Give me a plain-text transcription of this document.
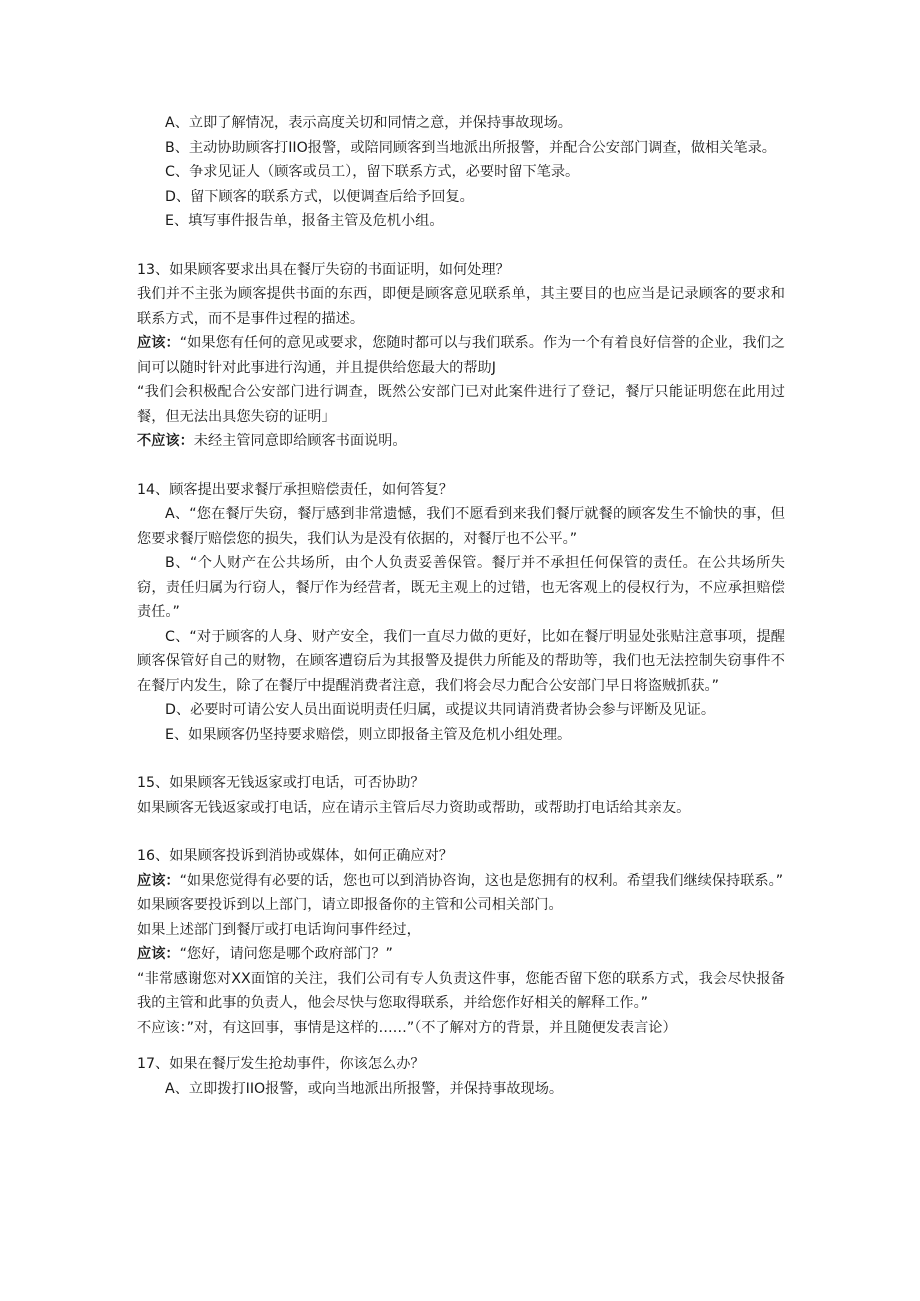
A、立即了解情况，表示高度关切和同情之意，并保持事故现场。

B、主动协助顾客打IIO报警，或陪同顾客到当地派出所报警，并配合公安部门调查，做相关笔录。

C、争求见证人（顾客或员工），留下联系方式，必要时留下笔录。

D、留下顾客的联系方式，以便调查后给予回复。

E、填写事件报告单，报备主管及危机小组。

13、如果顾客要求出具在餐厅失窃的书面证明，如何处理？

我们并不主张为顾客提供书面的东西，即便是顾客意见联系单，其主要目的也应当是记录顾客的要求和联系方式，而不是事件过程的描述。

应该：“如果您有任何的意见或要求，您随时都可以与我们联系。作为一个有着良好信誉的企业，我们之间可以随时针对此事进行沟通，并且提供给您最大的帮助J

“我们会积极配合公安部门进行调查，既然公安部门已对此案件进行了登记，餐厅只能证明您在此用过餐，但无法出具您失窃的证明」

不应该：未经主管同意即给顾客书面说明。

14、顾客提出要求餐厅承担赔偿责任，如何答复？

A、“您在餐厅失窃，餐厅感到非常遗憾，我们不愿看到来我们餐厅就餐的顾客发生不愉快的事，但您要求餐厅赔偿您的损失，我们认为是没有依据的，对餐厅也不公平。”

B、“个人财产在公共场所，由个人负责妥善保管。餐厅并不承担任何保管的责任。在公共场所失窃，责任归属为行窃人，餐厅作为经营者，既无主观上的过错，也无客观上的侵权行为，不应承担赔偿责任。”

C、“对于顾客的人身、财产安全，我们一直尽力做的更好，比如在餐厅明显处张贴注意事项，提醒顾客保管好自己的财物，在顾客遭窃后为其报警及提供力所能及的帮助等，我们也无法控制失窃事件不在餐厅内发生，除了在餐厅中提醒消费者注意，我们将会尽力配合公安部门早日将盗贼抓获。”

D、必要时可请公安人员出面说明责任归属，或提议共同请消费者协会参与评断及见证。

E、如果顾客仍坚持要求赔偿，则立即报备主管及危机小组处理。

15、如果顾客无钱返家或打电话，可否协助？

如果顾客无钱返家或打电话，应在请示主管后尽力资助或帮助，或帮助打电话给其亲友。

16、如果顾客投诉到消协或媒体，如何正确应对？

应该：“如果您觉得有必要的话，您也可以到消协咨询，这也是您拥有的权利。希望我们继续保持联系。”

如果顾客要投诉到以上部门，请立即报备你的主管和公司相关部门。

如果上述部门到餐厅或打电话询问事件经过，

应该：“您好，请问您是哪个政府部门？”

“非常感谢您对XX面馆的关注，我们公司有专人负责这件事，您能否留下您的联系方式，我会尽快报备我的主管和此事的负责人，他会尽快与您取得联系，并给您作好相关的解释工作。”

不应该：”对，有这回事，事情是这样的……”（不了解对方的背景，并且随便发表言论）

17、如果在餐厅发生抢劫事件，你该怎么办？

A、立即拨打IIO报警，或向当地派出所报警，并保持事故现场。
